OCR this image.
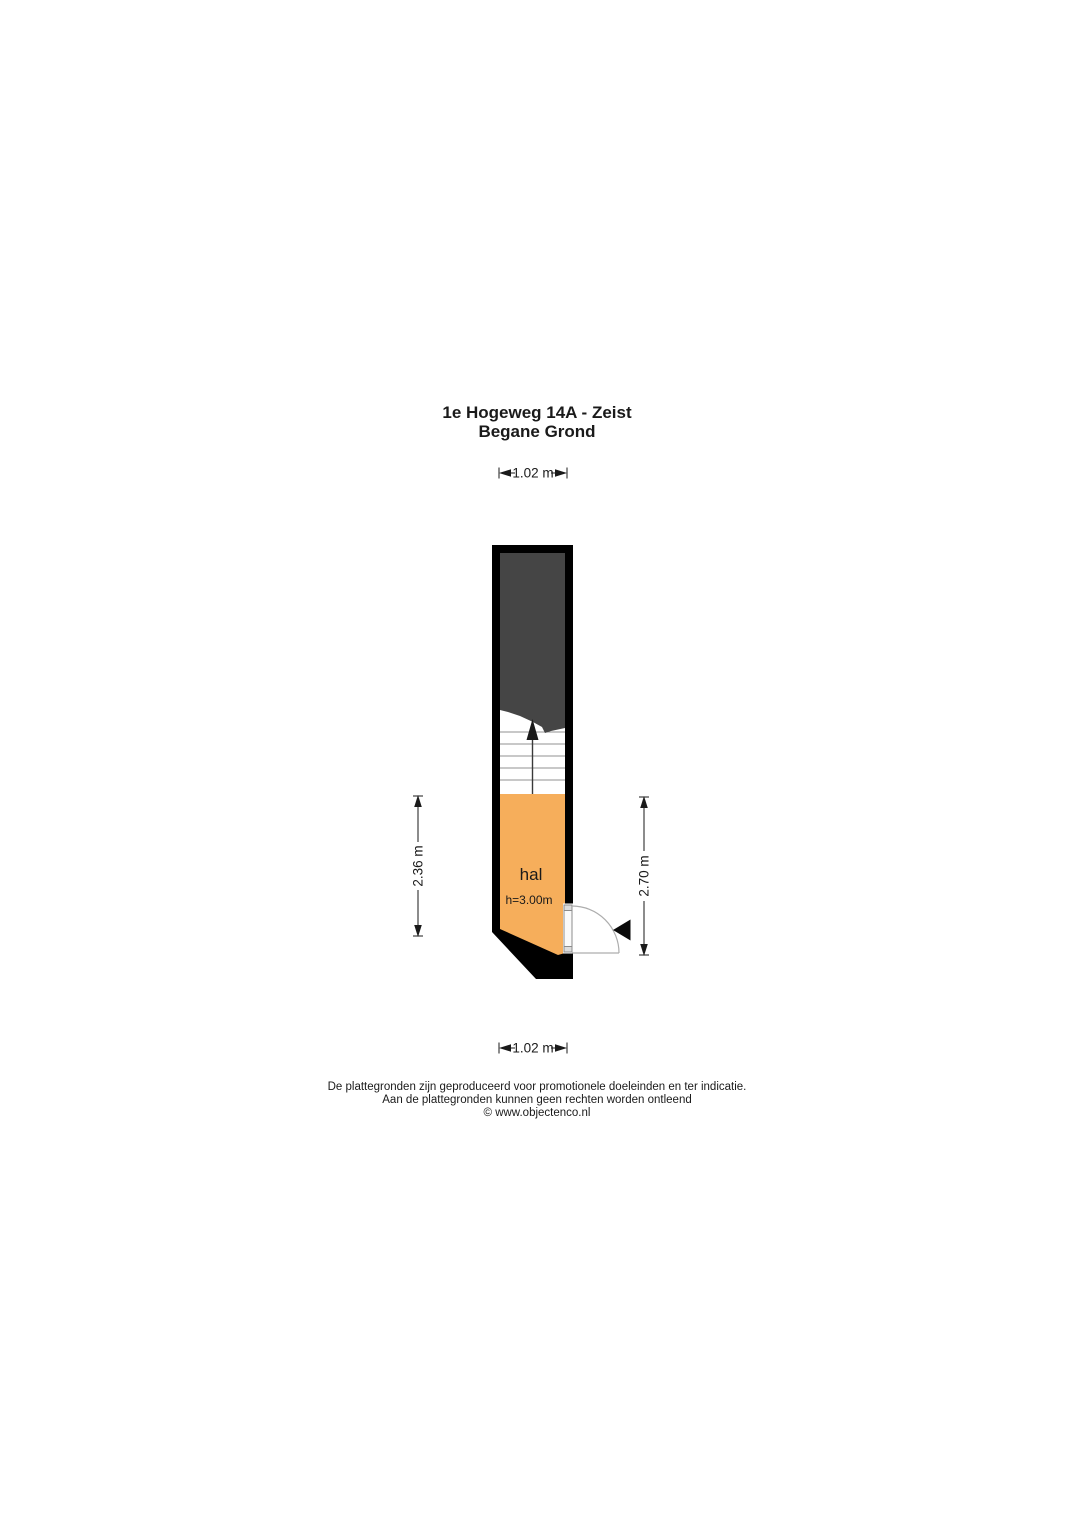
1e Hogeweg 14A - Zeist
Begane Grond
hal
h=3.00m
1.02 m
1.02 m
2.36 m	2.70 m
De plattegronden zijn geproduceerd voor promotionele doeleinden en ter indicatie.
Aan de plattegronden kunnen geen rechten worden ontleend
© www.objectenco.nl
